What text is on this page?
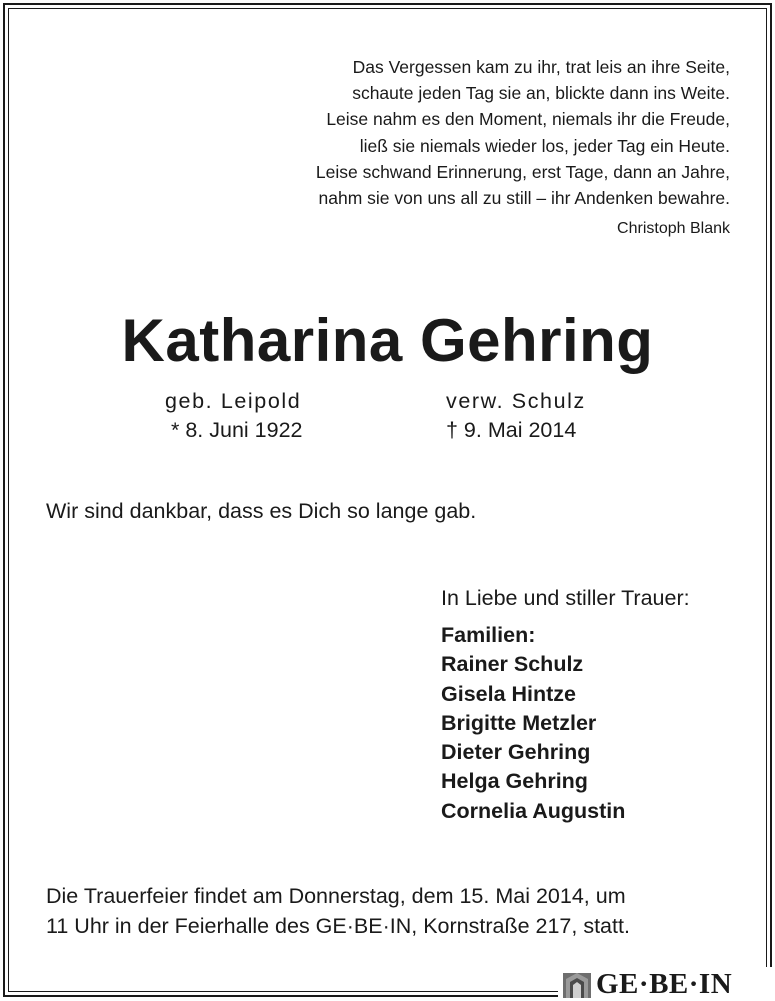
Das Vergessen kam zu ihr, trat leis an ihre Seite,
schaute jeden Tag sie an, blickte dann ins Weite.
Leise nahm es den Moment, niemals ihr die Freude,
ließ sie niemals wieder los, jeder Tag ein Heute.
Leise schwand Erinnerung, erst Tage, dann an Jahre,
nahm sie von uns all zu still – ihr Andenken bewahre.
Christoph Blank
Katharina Gehring
geb. Leipold
* 8. Juni 1922
verw. Schulz
† 9. Mai 2014
Wir sind dankbar, dass es Dich so lange gab.
In Liebe und stiller Trauer:
Familien:
Rainer Schulz
Gisela Hintze
Brigitte Metzler
Dieter Gehring
Helga Gehring
Cornelia Augustin
Die Trauerfeier findet am Donnerstag, dem 15. Mai 2014, um
11 Uhr in der Feierhalle des GE·BE·IN, Kornstraße 217, statt.
GE·BE·IN
